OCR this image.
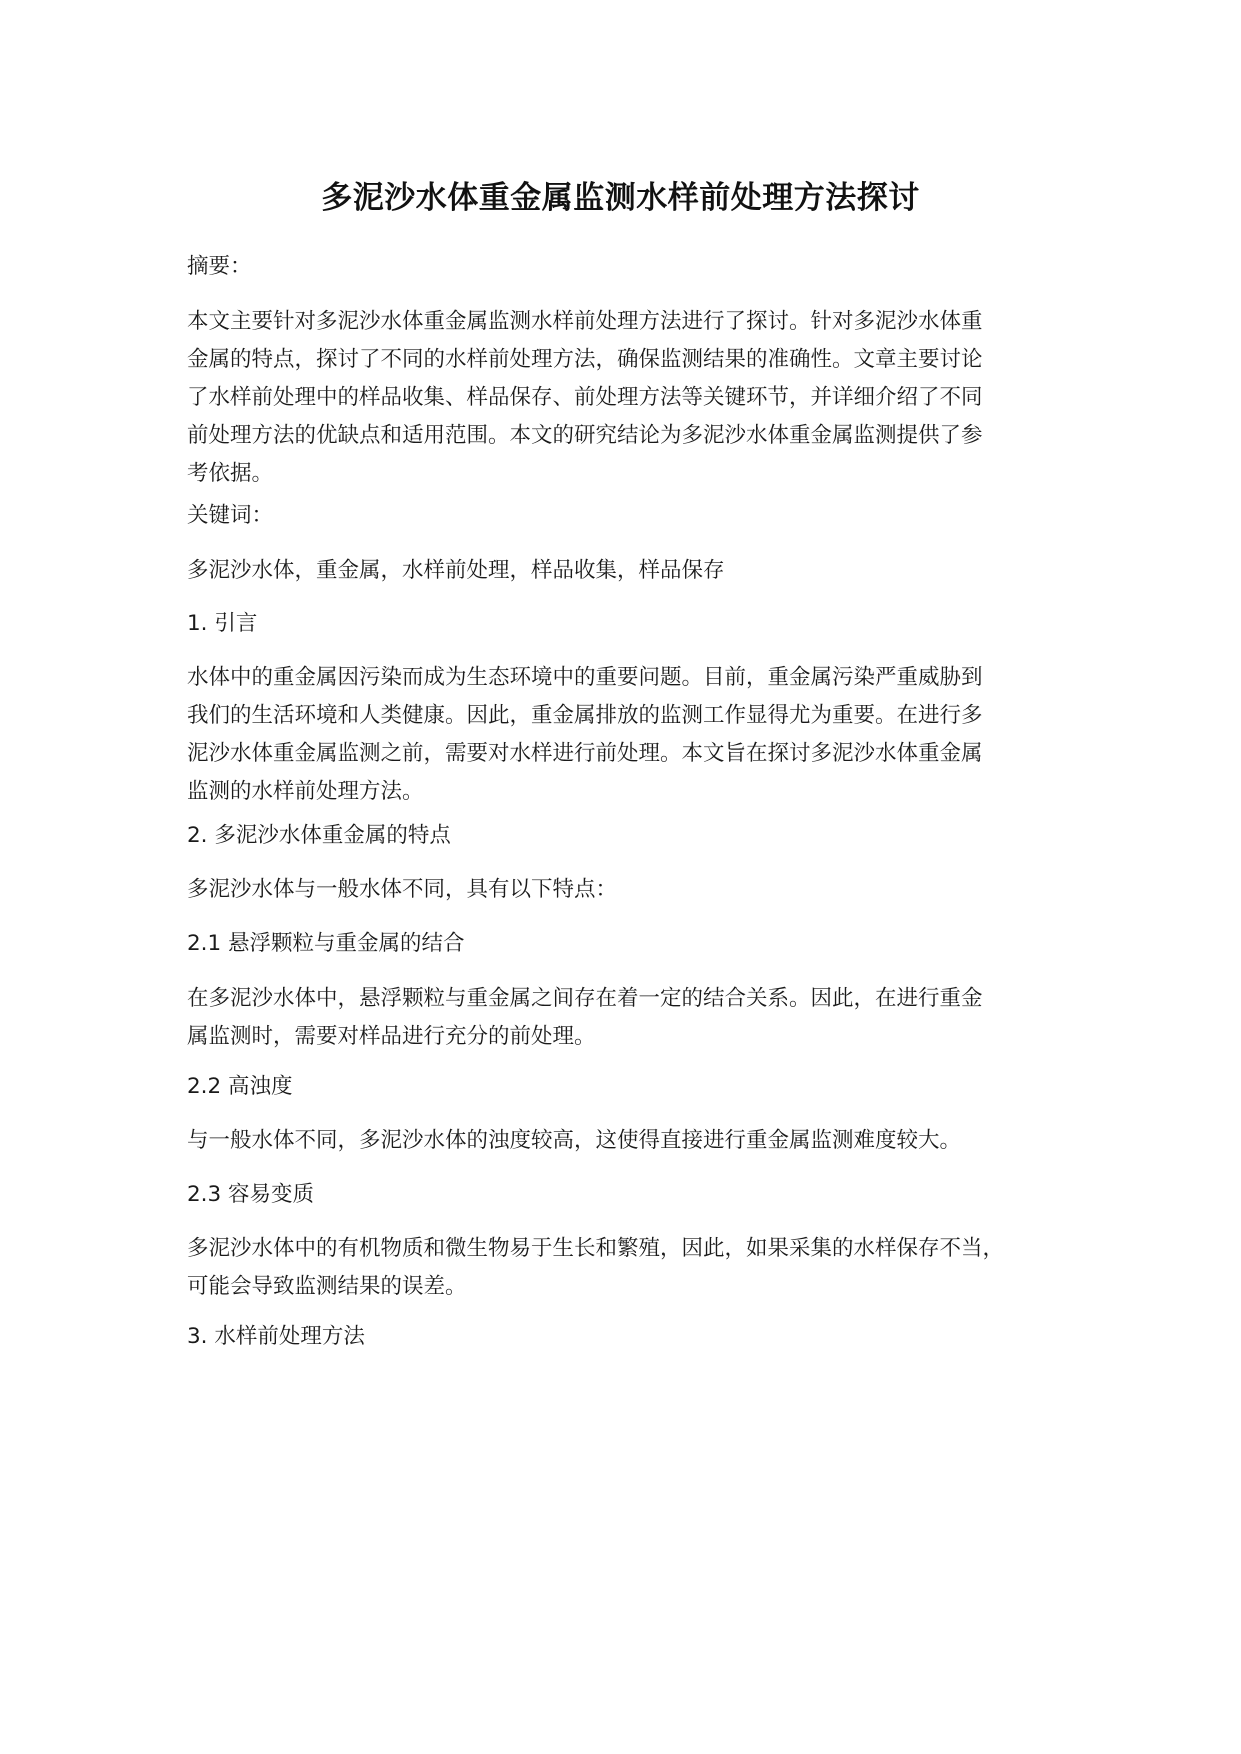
多泥沙水体重金属监测水样前处理方法探讨
摘要：
本文主要针对多泥沙水体重金属监测水样前处理方法进行了探讨。针对多泥沙水体重
金属的特点，探讨了不同的水样前处理方法，确保监测结果的准确性。文章主要讨论
了水样前处理中的样品收集、样品保存、前处理方法等关键环节，并详细介绍了不同
前处理方法的优缺点和适用范围。本文的研究结论为多泥沙水体重金属监测提供了参
考依据。
关键词：
多泥沙水体，重金属，水样前处理，样品收集，样品保存
1. 引言
水体中的重金属因污染而成为生态环境中的重要问题。目前，重金属污染严重威胁到
我们的生活环境和人类健康。因此，重金属排放的监测工作显得尤为重要。在进行多
泥沙水体重金属监测之前，需要对水样进行前处理。本文旨在探讨多泥沙水体重金属
监测的水样前处理方法。
2. 多泥沙水体重金属的特点
多泥沙水体与一般水体不同，具有以下特点：
2.1 悬浮颗粒与重金属的结合
在多泥沙水体中，悬浮颗粒与重金属之间存在着一定的结合关系。因此，在进行重金
属监测时，需要对样品进行充分的前处理。
2.2 高浊度
与一般水体不同，多泥沙水体的浊度较高，这使得直接进行重金属监测难度较大。
2.3 容易变质
多泥沙水体中的有机物质和微生物易于生长和繁殖，因此，如果采集的水样保存不当，
可能会导致监测结果的误差。
3. 水样前处理方法
